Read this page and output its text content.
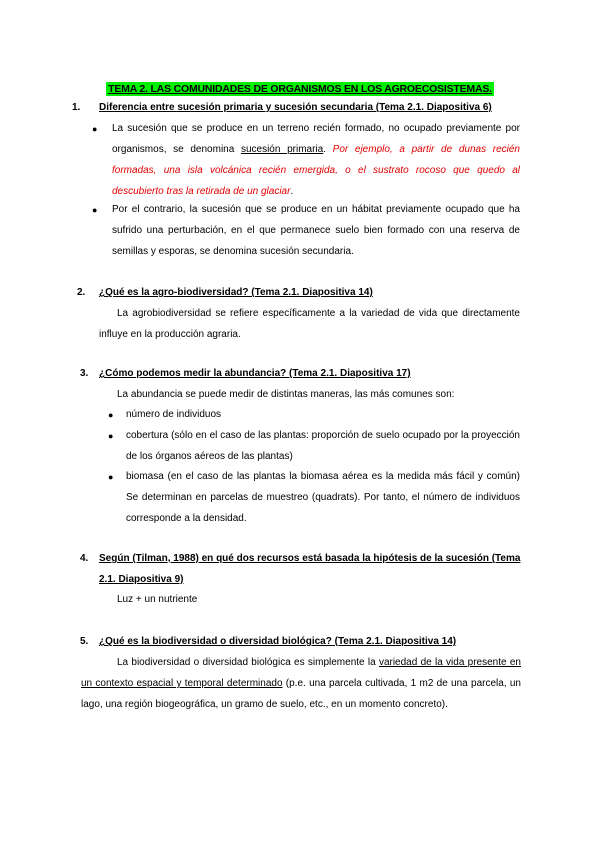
TEMA 2. LAS COMUNIDADES DE ORGANISMOS EN LOS AGROECOSISTEMAS.
1. Diferencia entre sucesión primaria y sucesión secundaria (Tema 2.1. Diapositiva 6)
● La sucesión que se produce en un terreno recién formado, no ocupado previamente por organismos, se denomina sucesión primaria. Por ejemplo, a partir de dunas recién formadas, una isla volcánica recién emergida, o el sustrato rocoso que quedo al descubierto tras la retirada de un glaciar.
● Por el contrario, la sucesión que se produce en un hábitat previamente ocupado que ha sufrido una perturbación, en el que permanece suelo bien formado con una reserva de semillas y esporas, se denomina sucesión secundaria.
2. ¿Qué es la agro-biodiversidad? (Tema 2.1. Diapositiva 14)
La agrobiodiversidad se refiere específicamente a la variedad de vida que directamente influye en la producción agraria.
3. ¿Cómo podemos medir la abundancia? (Tema 2.1. Diapositiva 17)
La abundancia se puede medir de distintas maneras, las más comunes son:
● número de individuos
● cobertura (sólo en el caso de las plantas: proporción de suelo ocupado por la proyección de los órganos aéreos de las plantas)
● biomasa (en el caso de las plantas la biomasa aérea es la medida más fácil y común) Se determinan en parcelas de muestreo (quadrats). Por tanto, el número de individuos corresponde a la densidad.
4. Según (Tilman, 1988) en qué dos recursos está basada la hipótesis de la sucesión (Tema 2.1. Diapositiva 9)
Luz + un nutriente
5. ¿Qué es la biodiversidad o diversidad biológica? (Tema 2.1. Diapositiva 14)
La biodiversidad o diversidad biológica es simplemente la variedad de la vida presente en un contexto espacial y temporal determinado (p.e. una parcela cultivada, 1 m2 de una parcela, un lago, una región biogeográfica, un gramo de suelo, etc., en un momento concreto).
